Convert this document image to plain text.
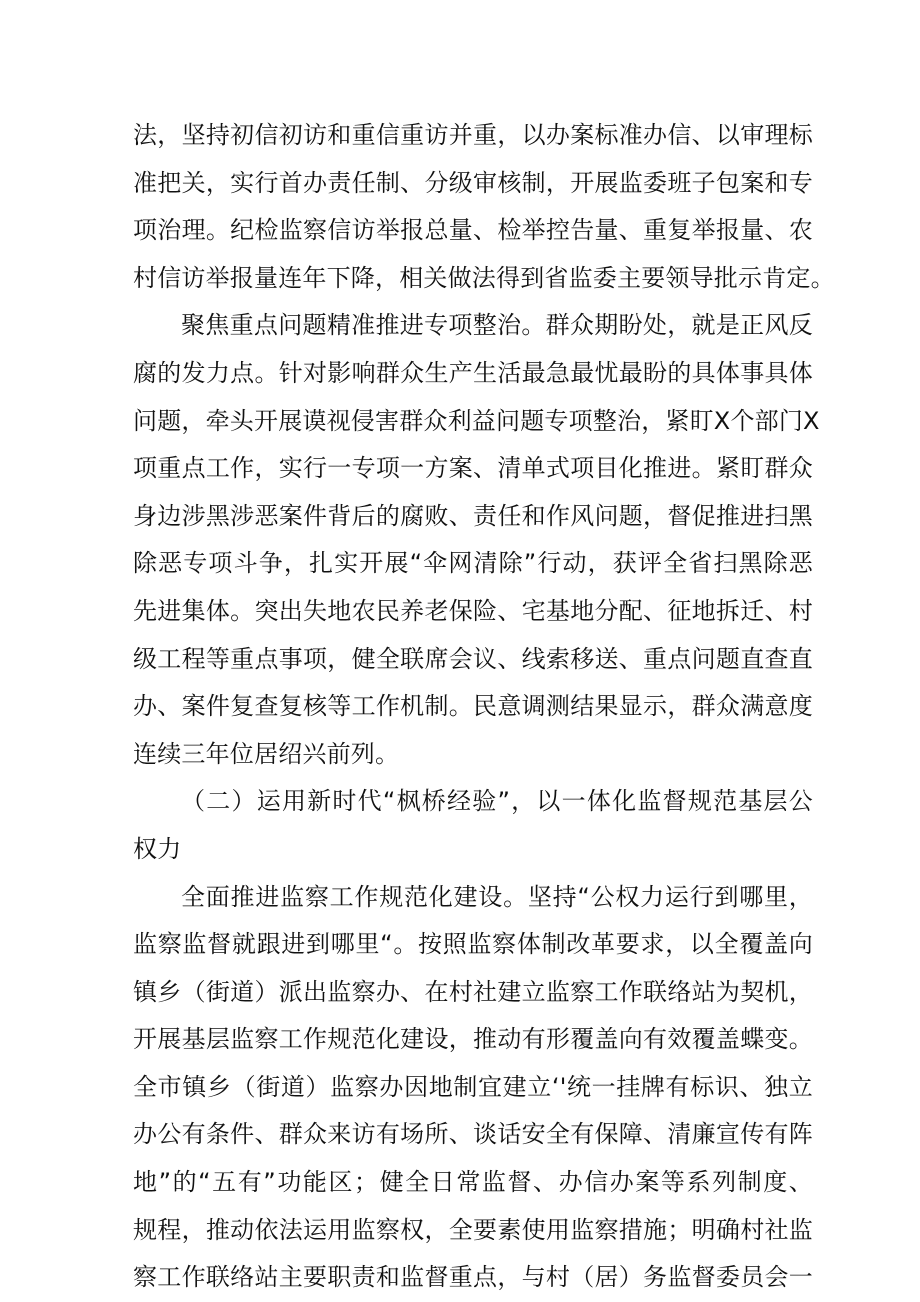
法，坚持初信初访和重信重访并重，以办案标准办信、以审理标
准把关，实行首办责任制、分级审核制，开展监委班子包案和专
项治理。纪检监察信访举报总量、检举控告量、重复举报量、农
村信访举报量连年下降，相关做法得到省监委主要领导批示肯定。
聚焦重点问题精准推进专项整治。群众期盼处，就是正风反
腐的发力点。针对影响群众生产生活最急最忧最盼的具体事具体
问题，牵头开展谟视侵害群众利益问题专项整治，紧盯X个部门X
项重点工作，实行一专项一方案、清单式项目化推进。紧盯群众
身边涉黑涉恶案件背后的腐败、责任和作风问题，督促推进扫黑
除恶专项斗争，扎实开展“伞网清除”行动，获评全省扫黑除恶
先进集体。突出失地农民养老保险、宅基地分配、征地拆迁、村
级工程等重点事项，健全联席会议、线索移送、重点问题直查直
办、案件复查复核等工作机制。民意调测结果显示，群众满意度
连续三年位居绍兴前列。
（二）运用新时代“枫桥经验”，以一体化监督规范基层公
权力
全面推进监察工作规范化建设。坚持“公权力运行到哪里，
监察监督就跟进到哪里“。按照监察体制改革要求，以全覆盖向
镇乡（街道）派出监察办、在村社建立监察工作联络站为契机，
开展基层监察工作规范化建设，推动有形覆盖向有效覆盖蝶变。
全市镇乡（街道）监察办因地制宜建立‘'统一挂牌有标识、独立
办公有条件、群众来访有场所、谈话安全有保障、清廉宣传有阵
地”的“五有”功能区；健全日常监督、办信办案等系列制度、
规程，推动依法运用监察权，全要素使用监察措施；明确村社监
察工作联络站主要职责和监督重点，与村（居）务监督委员会一
